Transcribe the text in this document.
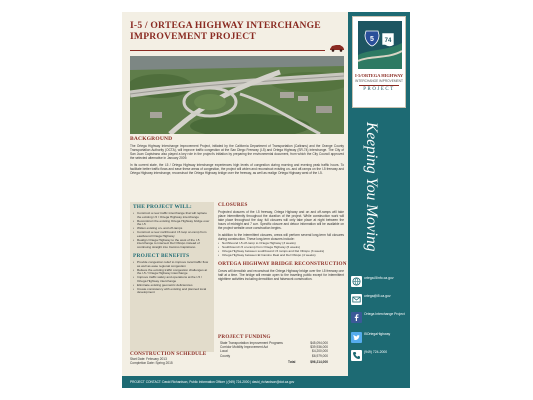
I-5 / ORTEGA HIGHWAY INTERCHANGE
IMPROVEMENT PROJECT
BACKGROUND
The Ortega Highway Interchange Improvement Project, initiated by the California Department of Transportation (Caltrans) and the Orange County Transportation Authority (OCTA), will improve traffic congestion at the San Diego Freeway (I-5) and Ortega Highway (SR-74) interchange. The City of San Juan Capistrano also played a key role in the project's initiation by preparing the environmental document, from which the City Council approved the selected alternative in January 2009.
In its current state, the I-5 / Ortega Highway interchange experiences high levels of congestion during morning and evening peak traffic hours. To facilitate better traffic flows and ease these areas of congestion, the project will widen and reconstruct existing on- and off-ramps on the I-5 freeway and Ortega Highway interchange, reconstruct the Ortega Highway bridge over the freeway, as well as realign Ortega Highway west of the I-5.
THE PROJECT WILL:
• Construct a new traffic interchange that will replace the existing I-5 / Ortega Highway interchange
• Reconstruct the existing Ortega Highway bridge over the I-5
• Widen existing on- and off-ramps
• Construct a new northbound I-5 loop on-ramp from eastbound Ortega Highway
• Realign Ortega Highway to the west of the I-5 interchange to intersect Del Obispo instead of continuing straight into Camino Capistrano
PROJECT BENEFITS
• Provide congestion relief to improve local traffic flow as well as ease regional congestion
• Relieve the existing traffic congestion challenges at the I-5 / Ortega Highway interchange
• Improve traffic safety and operations at the I-5 / Ortega Highway interchange
• Eliminate existing geometric deficiencies
• Create consistency with existing and planned local development
CONSTRUCTION SCHEDULE
Start Date: February 2013
Completion Date: Spring 2015
CLOSURES
Projected closures of the I-5 freeway, Ortega Highway and on and off-ramps will take place intermittently throughout the duration of the project. While construction work will take place throughout the day, full closures will only take place at night between the hours of midnight and 7 a.m. Specific closure and detour information will be available on the project website once construction begins.
In addition to the intermittent closures, crews will perform several long-term full closures during construction. These long-term closures include:
• Northbound I-5 off-ramp to Ortega Highway (3 weeks)
• Southbound I-5 on-ramp from Ortega Highway (6 weeks)
• Ortega Highway between southbound I-5 ramps and Del Obispo (3 weeks)
• Ortega Highway between El Camino Real and Del Obispo (4 weeks)
ORTEGA HIGHWAY BRIDGE RECONSTRUCTION
Crews will demolish and reconstruct the Ortega Highway bridge over the I-5 freeway one half at a time. The bridge will remain open to the traveling public except for intermittent nighttime activities including demolition and falsework construction.
PROJECT FUNDING
State Transportation Improvement Programs	$45,094,000
Corridor Mobility Improvement Act	$39,936,000
Local	$4,200,000
County	$6,979,000
Total	$96,214,000
PROJECT CONTACT: David Richardson, Public Information Officer | (949) 724-2000 | david_richardson@dot.ca.gov
5 74
I-5/ORTEGA HIGHWAY
INTERCHANGE IMPROVEMENT
PROJECT
Keeping You Moving
ortega.i5info.ca.gov
ortega@i5.ca.gov
Ortega Interchange Project
I5OrtegaHighway
(949) 724-2000
